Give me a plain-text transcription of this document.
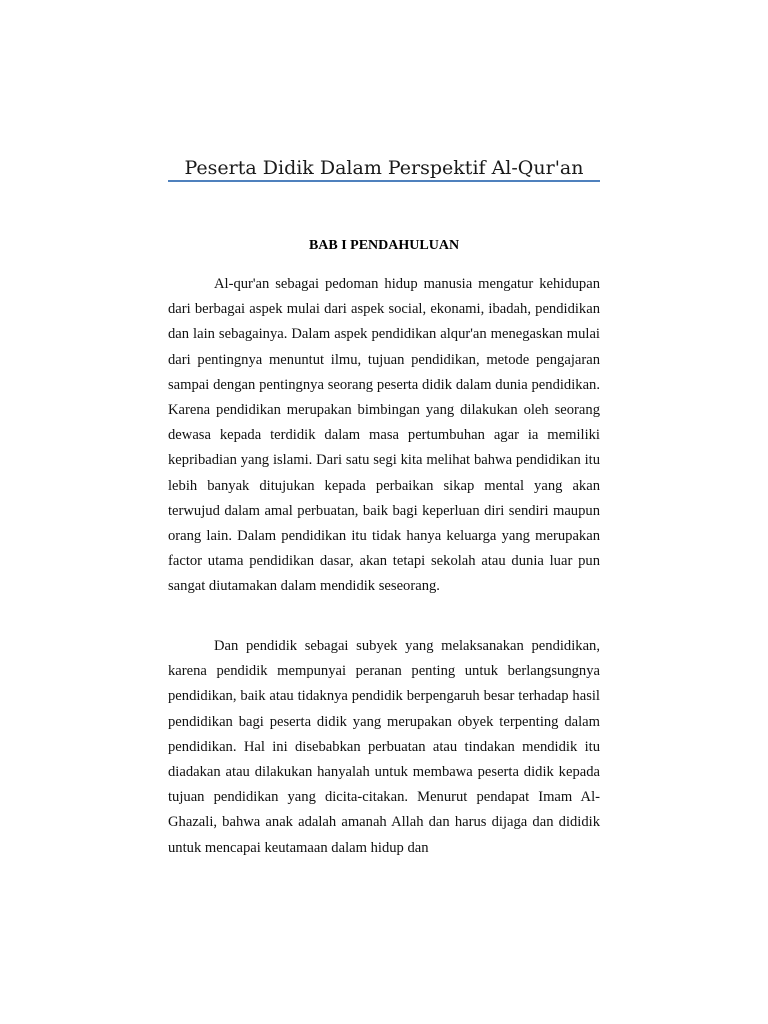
Peserta Didik Dalam Perspektif Al-Qur'an
BAB I PENDAHULUAN

Al-qur'an sebagai pedoman hidup manusia mengatur kehidupan dari berbagai aspek mulai dari aspek social, ekonami, ibadah, pendidikan dan lain sebagainya. Dalam aspek pendidikan alqur'an menegaskan mulai dari pentingnya menuntut ilmu, tujuan pendidikan, metode pengajaran sampai dengan pentingnya seorang peserta didik dalam dunia pendidikan. Karena pendidikan merupakan bimbingan yang dilakukan oleh seorang dewasa kepada terdidik dalam masa pertumbuhan agar ia memiliki kepribadian yang islami. Dari satu segi kita melihat bahwa pendidikan itu lebih banyak ditujukan kepada perbaikan sikap mental yang akan terwujud dalam amal perbuatan, baik bagi keperluan diri sendiri maupun orang lain. Dalam pendidikan itu tidak hanya keluarga yang merupakan factor utama pendidikan dasar, akan tetapi sekolah atau dunia luar pun sangat diutamakan dalam mendidik seseorang.

Dan pendidik sebagai subyek yang melaksanakan pendidikan, karena pendidik mempunyai peranan penting untuk berlangsungnya pendidikan, baik atau tidaknya pendidik berpengaruh besar terhadap hasil pendidikan bagi peserta didik yang merupakan obyek terpenting dalam pendidikan. Hal ini disebabkan perbuatan atau tindakan mendidik itu diadakan atau dilakukan hanyalah untuk membawa peserta didik kepada tujuan pendidikan yang dicita-citakan. Menurut pendapat Imam Al-Ghazali, bahwa anak adalah amanah Allah dan harus dijaga dan dididik untuk mencapai keutamaan dalam hidup dan
